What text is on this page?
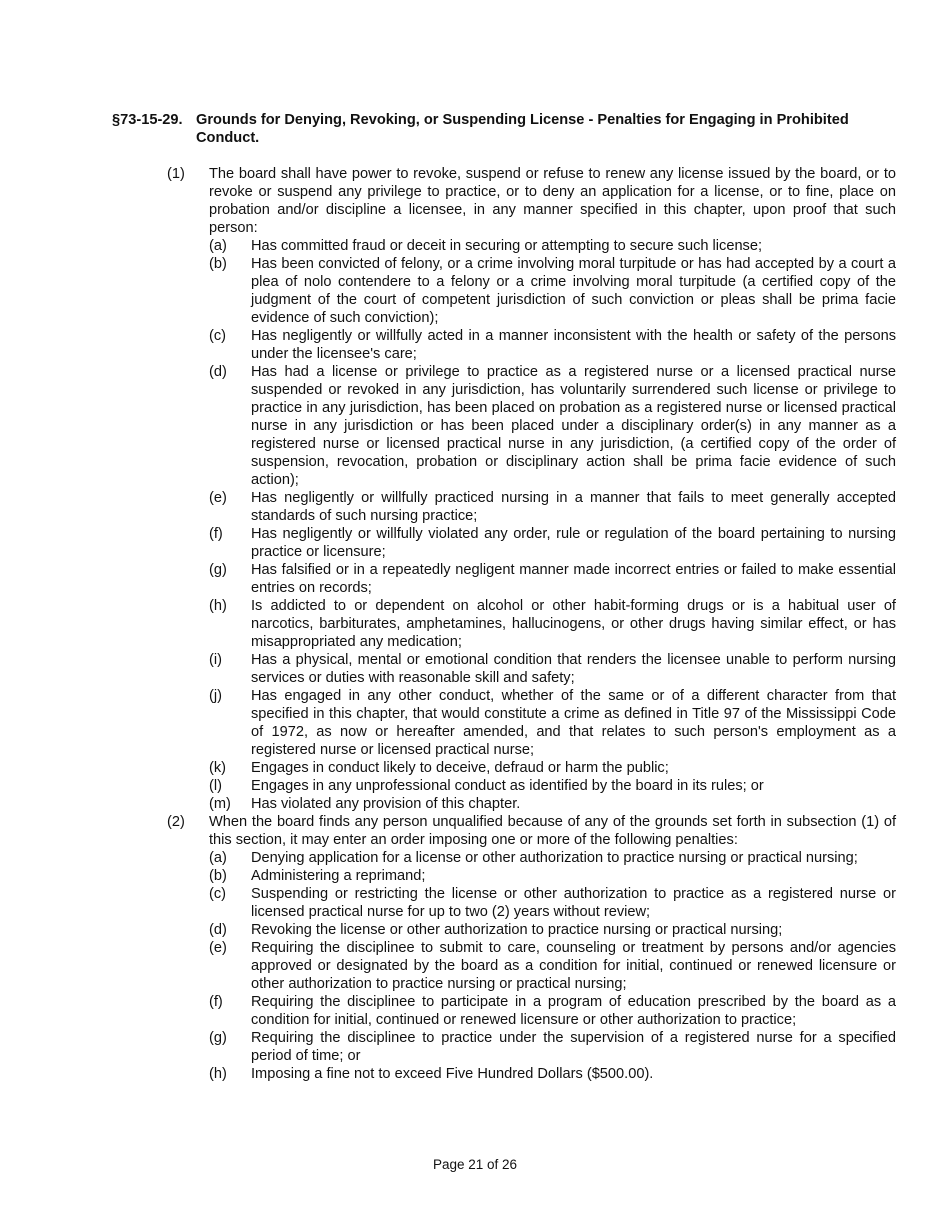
§73-15-29. Grounds for Denying, Revoking, or Suspending License - Penalties for Engaging in Prohibited Conduct.
(1) The board shall have power to revoke, suspend or refuse to renew any license issued by the board, or to revoke or suspend any privilege to practice, or to deny an application for a license, or to fine, place on probation and/or discipline a licensee, in any manner specified in this chapter, upon proof that such person:
(a) Has committed fraud or deceit in securing or attempting to secure such license;
(b) Has been convicted of felony, or a crime involving moral turpitude or has had accepted by a court a plea of nolo contendere to a felony or a crime involving moral turpitude (a certified copy of the judgment of the court of competent jurisdiction of such conviction or pleas shall be prima facie evidence of such conviction);
(c) Has negligently or willfully acted in a manner inconsistent with the health or safety of the persons under the licensee's care;
(d) Has had a license or privilege to practice as a registered nurse or a licensed practical nurse suspended or revoked in any jurisdiction, has voluntarily surrendered such license or privilege to practice in any jurisdiction, has been placed on probation as a registered nurse or licensed practical nurse in any jurisdiction or has been placed under a disciplinary order(s) in any manner as a registered nurse or licensed practical nurse in any jurisdiction, (a certified copy of the order of suspension, revocation, probation or disciplinary action shall be prima facie evidence of such action);
(e) Has negligently or willfully practiced nursing in a manner that fails to meet generally accepted standards of such nursing practice;
(f) Has negligently or willfully violated any order, rule or regulation of the board pertaining to nursing practice or licensure;
(g) Has falsified or in a repeatedly negligent manner made incorrect entries or failed to make essential entries on records;
(h) Is addicted to or dependent on alcohol or other habit-forming drugs or is a habitual user of narcotics, barbiturates, amphetamines, hallucinogens, or other drugs having similar effect, or has misappropriated any medication;
(i) Has a physical, mental or emotional condition that renders the licensee unable to perform nursing services or duties with reasonable skill and safety;
(j) Has engaged in any other conduct, whether of the same or of a different character from that specified in this chapter, that would constitute a crime as defined in Title 97 of the Mississippi Code of 1972, as now or hereafter amended, and that relates to such person's employment as a registered nurse or licensed practical nurse;
(k) Engages in conduct likely to deceive, defraud or harm the public;
(l) Engages in any unprofessional conduct as identified by the board in its rules; or
(m) Has violated any provision of this chapter.
(2) When the board finds any person unqualified because of any of the grounds set forth in subsection (1) of this section, it may enter an order imposing one or more of the following penalties:
(a) Denying application for a license or other authorization to practice nursing or practical nursing;
(b) Administering a reprimand;
(c) Suspending or restricting the license or other authorization to practice as a registered nurse or licensed practical nurse for up to two (2) years without review;
(d) Revoking the license or other authorization to practice nursing or practical nursing;
(e) Requiring the disciplinee to submit to care, counseling or treatment by persons and/or agencies approved or designated by the board as a condition for initial, continued or renewed licensure or other authorization to practice nursing or practical nursing;
(f) Requiring the disciplinee to participate in a program of education prescribed by the board as a condition for initial, continued or renewed licensure or other authorization to practice;
(g) Requiring the disciplinee to practice under the supervision of a registered nurse for a specified period of time; or
(h) Imposing a fine not to exceed Five Hundred Dollars ($500.00).
Page 21 of 26
